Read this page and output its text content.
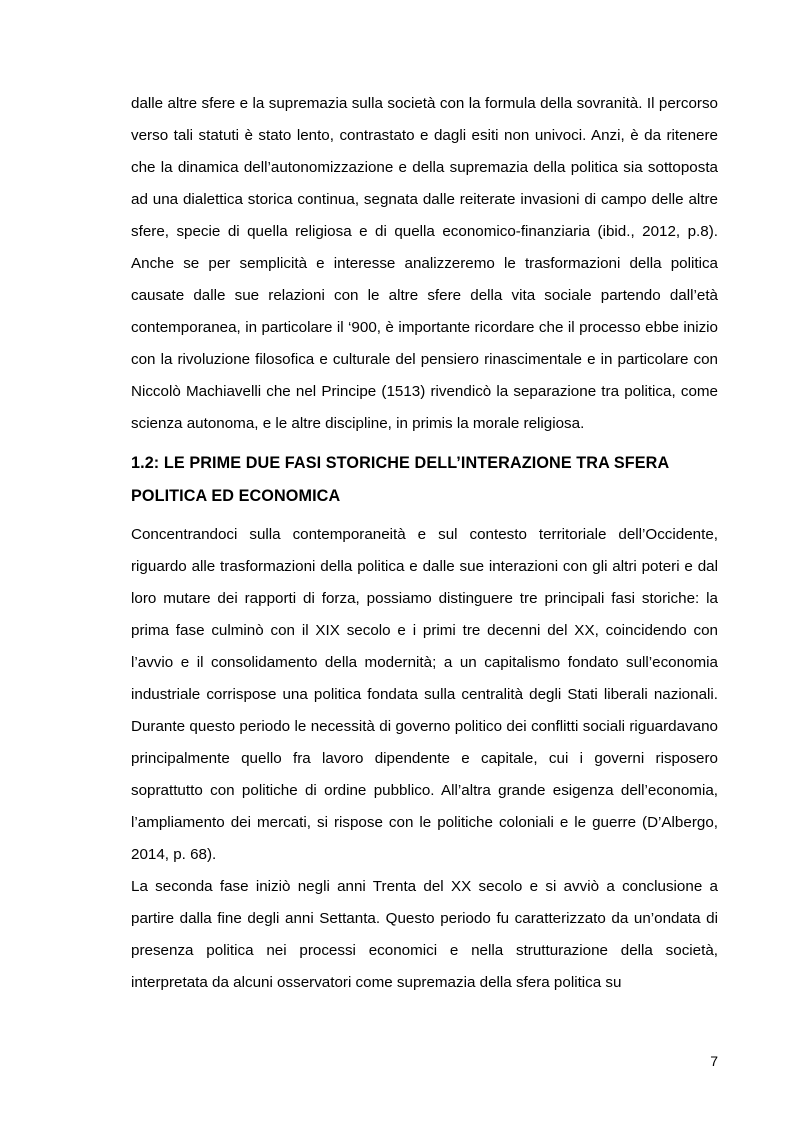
dalle altre sfere e la supremazia sulla società con la formula della sovranità. Il percorso verso tali statuti è stato lento, contrastato e dagli esiti non univoci. Anzi, è da ritenere che la dinamica dell’autonomizzazione e della supremazia della politica sia sottoposta ad una dialettica storica continua, segnata dalle reiterate invasioni di campo delle altre sfere, specie di quella religiosa e di quella economico-finanziaria (ibid., 2012, p.8). Anche se per semplicità e interesse analizzeremo le trasformazioni della politica causate dalle sue relazioni con le altre sfere della vita sociale partendo dall’età contemporanea, in particolare il ‘900, è importante ricordare che il processo ebbe inizio con la rivoluzione filosofica e culturale del pensiero rinascimentale e in particolare con Niccolò Machiavelli che nel Principe (1513) rivendicò la separazione tra politica, come scienza autonoma, e le altre discipline, in primis la morale religiosa.

1.2: LE PRIME DUE FASI STORICHE DELL’INTERAZIONE TRA SFERA POLITICA ED ECONOMICA

Concentrandoci sulla contemporaneità e sul contesto territoriale dell’Occidente, riguardo alle trasformazioni della politica e dalle sue interazioni con gli altri poteri e dal loro mutare dei rapporti di forza, possiamo distinguere tre principali fasi storiche: la prima fase culminò con il XIX secolo e i primi tre decenni del XX, coincidendo con l’avvio e il consolidamento della modernità; a un capitalismo fondato sull’economia industriale corrispose una politica fondata sulla centralità degli Stati liberali nazionali. Durante questo periodo le necessità di governo politico dei conflitti sociali riguardavano principalmente quello fra lavoro dipendente e capitale, cui i governi risposero soprattutto con politiche di ordine pubblico. All’altra grande esigenza dell’economia, l’ampliamento dei mercati, si rispose con le politiche coloniali e le guerre (D’Albergo, 2014, p. 68).

La seconda fase iniziò negli anni Trenta del XX secolo e si avviò a conclusione a partire dalla fine degli anni Settanta. Questo periodo fu caratterizzato da un’ondata di presenza politica nei processi economici e nella strutturazione della società, interpretata da alcuni osservatori come supremazia della sfera politica su

7
